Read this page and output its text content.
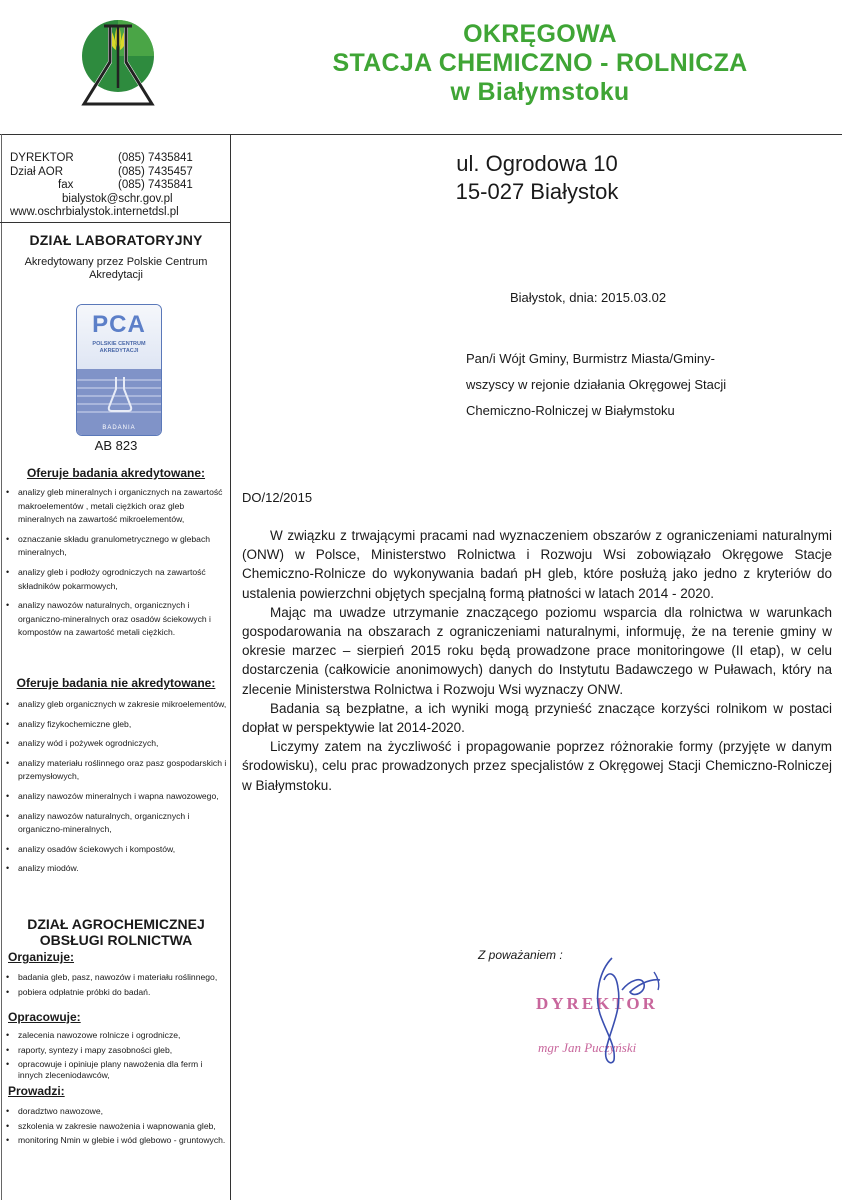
OKRĘGOWA
STACJA CHEMICZNO - ROLNICZA
w Białymstoku
DYREKTOR	(085) 7435841
Dział AOR	(085) 7435457
fax	(085) 7435841
bialystok@schr.gov.pl
www.oschrbialystok.internetdsl.pl
ul. Ogrodowa 10
15-027 Białystok
DZIAŁ LABORATORYJNY
Akredytowany przez Polskie Centrum Akredytacji
PCA
POLSKIE CENTRUM
AKREDYTACJI
BADANIA
AB 823
Oferuje badania akredytowane:
• analizy gleb mineralnych i organicznych na zawartość makroelementów , metali ciężkich oraz gleb mineralnych na zawartość mikroelementów,
• oznaczanie składu granulometrycznego w glebach mineralnych,
• analizy gleb i podłoży ogrodniczych na zawartość składników pokarmowych,
• analizy nawozów naturalnych, organicznych i organiczno-mineralnych oraz osadów ściekowych i kompostów na zawartość metali ciężkich.
Oferuje badania nie akredytowane:
• analizy gleb organicznych w zakresie mikroelementów,
• analizy fizykochemiczne gleb,
• analizy wód i pożywek ogrodniczych,
• analizy materiału roślinnego oraz pasz gospodarskich i przemysłowych,
• analizy nawozów mineralnych i wapna nawozowego,
• analizy nawozów naturalnych, organicznych i organiczno-mineralnych,
• analizy osadów ściekowych i kompostów,
• analizy miodów.
DZIAŁ AGROCHEMICZNEJ
OBSŁUGI ROLNICTWA
Organizuje:
• badania gleb, pasz, nawozów i materiału roślinnego,
• pobiera odpłatnie próbki do badań.
Opracowuje:
• zalecenia nawozowe rolnicze i ogrodnicze,
• raporty, syntezy i mapy zasobności gleb,
• opracowuje i opiniuje plany nawożenia dla ferm i innych zleceniodawców,
Prowadzi:
• doradztwo nawozowe,
• szkolenia w zakresie nawożenia i wapnowania gleb,
• monitoring Nmin w glebie i wód glebowo - gruntowych.
Białystok, dnia: 2015.03.02
Pan/i Wójt Gminy, Burmistrz Miasta/Gminy-
wszyscy w rejonie działania Okręgowej Stacji
Chemiczno-Rolniczej w Białymstoku
DO/12/2015

W związku z trwającymi pracami nad wyznaczeniem obszarów z ograniczeniami naturalnymi (ONW) w Polsce, Ministerstwo Rolnictwa i Rozwoju Wsi zobowiązało Okręgowe Stacje Chemiczno-Rolnicze do wykonywania badań pH gleb, które posłużą jako jedno z kryteriów do ustalenia powierzchni objętych specjalną formą płatności w latach 2014 - 2020.

Mając ma uwadze utrzymanie znaczącego poziomu wsparcia dla rolnictwa w warunkach gospodarowania na obszarach z ograniczeniami naturalnymi, informuję, że na terenie gminy w okresie marzec – sierpień 2015 roku będą prowadzone prace monitoringowe (II etap), w celu dostarczenia (całkowicie anonimowych) danych do Instytutu Badawczego w Puławach, który na zlecenie Ministerstwa Rolnictwa i Rozwoju Wsi wyznaczy ONW.

Badania są bezpłatne, a ich wyniki mogą przynieść znaczące korzyści rolnikom w postaci dopłat w perspektywie lat 2014-2020.

Liczymy zatem na życzliwość i propagowanie poprzez różnorakie formy (przyjęte w danym środowisku), celu prac prowadzonych przez specjalistów z Okręgowej Stacji Chemiczno-Rolniczej w Białymstoku.

Z poważaniem :
DYREKTOR
mgr Jan Puczyński
